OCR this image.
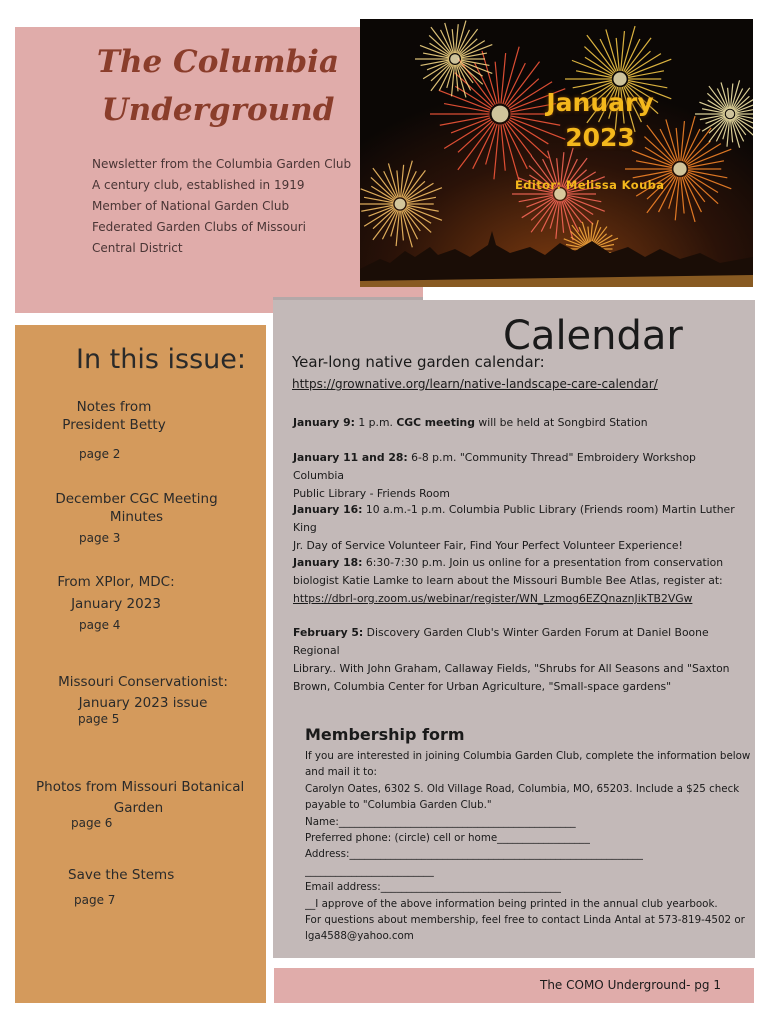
The Columbia
Underground
Newsletter from the Columbia Garden Club
A century club, established in 1919
Member of National Garden Club
Federated Garden Clubs of Missouri
Central District
January
2023
Editor: Melissa Kouba
In this issue:
Notes from
President Betty
page 2
December CGC Meeting
Minutes
page 3
From XPlor, MDC:
January 2023
page 4
Missouri Conservationist:
January 2023 issue
page 5
Photos from Missouri Botanical
Garden
page 6
Save the Stems
page 7
Calendar
Year-long native garden calendar:
https://grownative.org/learn/native-landscape-care-calendar/
January 9: 1 p.m. CGC meeting will be held at Songbird Station
January 11 and 28: 6-8 p.m. "Community Thread" Embroidery Workshop Columbia
Public Library - Friends Room
January 16: 10 a.m.-1 p.m. Columbia Public Library (Friends room) Martin Luther King
Jr. Day of Service Volunteer Fair, Find Your Perfect Volunteer Experience!
January 18: 6:30-7:30 p.m. Join us online for a presentation from conservation
biologist Katie Lamke to learn about the Missouri Bumble Bee Atlas, register at:
https://dbrl-org.zoom.us/webinar/register/WN_Lzmog6EZQnaznJikTB2VGw
February 5: Discovery Garden Club's Winter Garden Forum at Daniel Boone Regional
Library.. With John Graham, Callaway Fields, "Shrubs for All Seasons and "Saxton
Brown, Columbia Center for Urban Agriculture, "Small-space gardens"
Membership form
If you are interested in joining Columbia Garden Club, complete the information below
and mail it to:
Carolyn Oates, 6302 S. Old Village Road, Columbia, MO, 65203. Include a $25 check
payable to "Columbia Garden Club."
Name:______________________________________________
Preferred phone: (circle) cell or home__________________
Address:_________________________________________________________
_________________________
Email address:___________________________________
__I approve of the above information being printed in the annual club yearbook.
For questions about membership, feel free to contact Linda Antal at 573-819-4502 or
lga4588@yahoo.com
The COMO Underground- pg 1
